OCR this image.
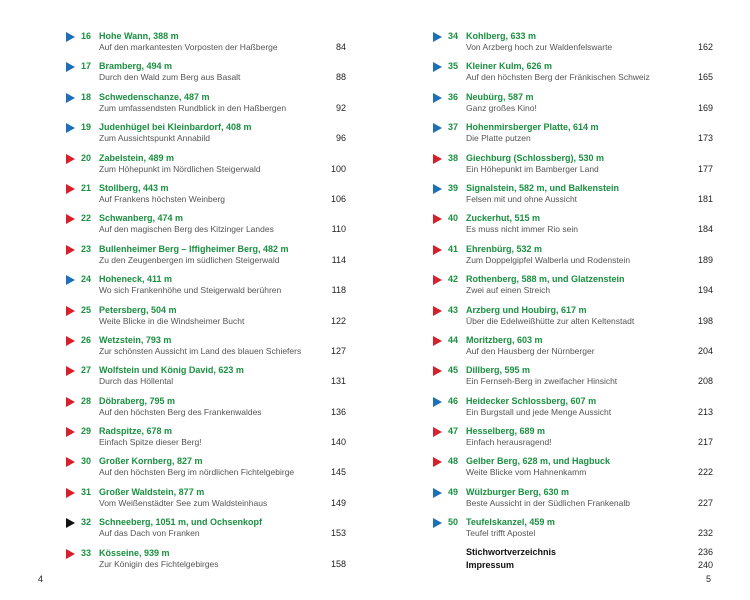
16 Hohe Wann, 388 m
Auf den markantesten Vorposten der Haßberge	84
17 Bramberg, 494 m
Durch den Wald zum Berg aus Basalt	88
18 Schwedenschanze, 487 m
Zum umfassendsten Rundblick in den Haßbergen	92
19 Judenhügel bei Kleinbardorf, 408 m
Zum Aussichtspunkt Annabild	96
20 Zabelstein, 489 m
Zum Höhepunkt im Nördlichen Steigerwald	100
21 Stollberg, 443 m
Auf Frankens höchsten Weinberg	106
22 Schwanberg, 474 m
Auf den magischen Berg des Kitzinger Landes	110
23 Bullenheimer Berg – Iffigheimer Berg, 482 m
Zu den Zeugenbergen im südlichen Steigerwald	114
24 Hoheneck, 411 m
Wo sich Frankenhöhe und Steigerwald berühren	118
25 Petersberg, 504 m
Weite Blicke in die Windsheimer Bucht	122
26 Wetzstein, 793 m
Zur schönsten Aussicht im Land des blauen Schiefers	127
27 Wolfstein und König David, 623 m
Durch das Höllental	131
28 Döbraberg, 795 m
Auf den höchsten Berg des Frankenwaldes	136
29 Radspitze, 678 m
Einfach Spitze dieser Berg!	140
30 Großer Kornberg, 827 m
Auf den höchsten Berg im nördlichen Fichtelgebirge	145
31 Großer Waldstein, 877 m
Vom Weißenstädter See zum Waldsteinhaus	149
32 Schneeberg, 1051 m, und Ochsenkopf
Auf das Dach von Franken	153
33 Kösseine, 939 m
Zur Königin des Fichtelgebirges	158
34 Kohlberg, 633 m
Von Arzberg hoch zur Waldenfelswarte	162
35 Kleiner Kulm, 626 m
Auf den höchsten Berg der Fränkischen Schweiz	165
36 Neubürg, 587 m
Ganz großes Kino!	169
37 Hohenmirsberger Platte, 614 m
Die Platte putzen	173
38 Giechburg (Schlossberg), 530 m
Ein Höhepunkt im Bamberger Land	177
39 Signalstein, 582 m, und Balkenstein
Felsen mit und ohne Aussicht	181
40 Zuckerhut, 515 m
Es muss nicht immer Rio sein	184
41 Ehrenbürg, 532 m
Zum Doppelgipfel Walberla und Rodenstein	189
42 Rothenberg, 588 m, und Glatzenstein
Zwei auf einen Streich	194
43 Arzberg und Houbirg, 617 m
Über die Edelweißhütte zur alten Keltenstadt	198
44 Moritzberg, 603 m
Auf den Hausberg der Nürnberger	204
45 Dillberg, 595 m
Ein Fernseh-Berg in zweifacher Hinsicht	208
46 Heidecker Schlossberg, 607 m
Ein Burgstall und jede Menge Aussicht	213
47 Hesselberg, 689 m
Einfach herausragend!	217
48 Gelber Berg, 628 m, und Hagbuck
Weite Blicke vom Hahnenkamm	222
49 Wülzburger Berg, 630 m
Beste Aussicht in der Südlichen Frankenalb	227
50 Teufelskanzel, 459 m
Teufel trifft Apostel	232
Stichwortverzeichnis	236
Impressum	240
4	5
